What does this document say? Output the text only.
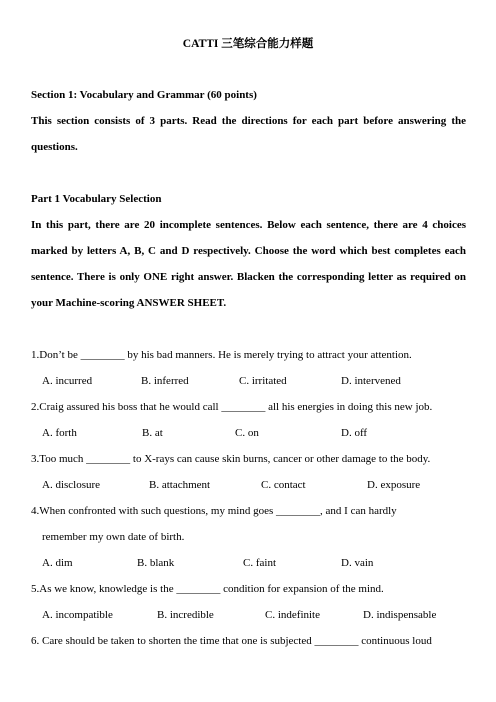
CATTI 三笔综合能力样题
Section 1: Vocabulary and Grammar (60 points)
This section consists of 3 parts. Read the directions for each part before answering the questions.
Part 1 Vocabulary Selection
In this part, there are 20 incomplete sentences. Below each sentence, there are 4 choices marked by letters A, B, C and D respectively. Choose the word which best completes each sentence. There is only ONE right answer. Blacken the corresponding letter as required on your Machine-scoring ANSWER SHEET.
1.Don’t be ________ by his bad manners. He is merely trying to attract your attention.
A. incurred	B. inferred	C. irritated	D. intervened
2.Craig assured his boss that he would call ________ all his energies in doing this new job.
A. forth	B. at	C. on	D. off
3.Too much ________ to X-rays can cause skin burns, cancer or other damage to the body.
A. disclosure	B. attachment	C. contact	D. exposure
4.When confronted with such questions, my mind goes ________, and I can hardly
remember my own date of birth.
A. dim	B. blank	C. faint	D. vain
5.As we know, knowledge is the ________ condition for expansion of the mind.
A. incompatible	B. incredible	C. indefinite	D. indispensable
6. Care should be taken to shorten the time that one is subjected ________ continuous loud
